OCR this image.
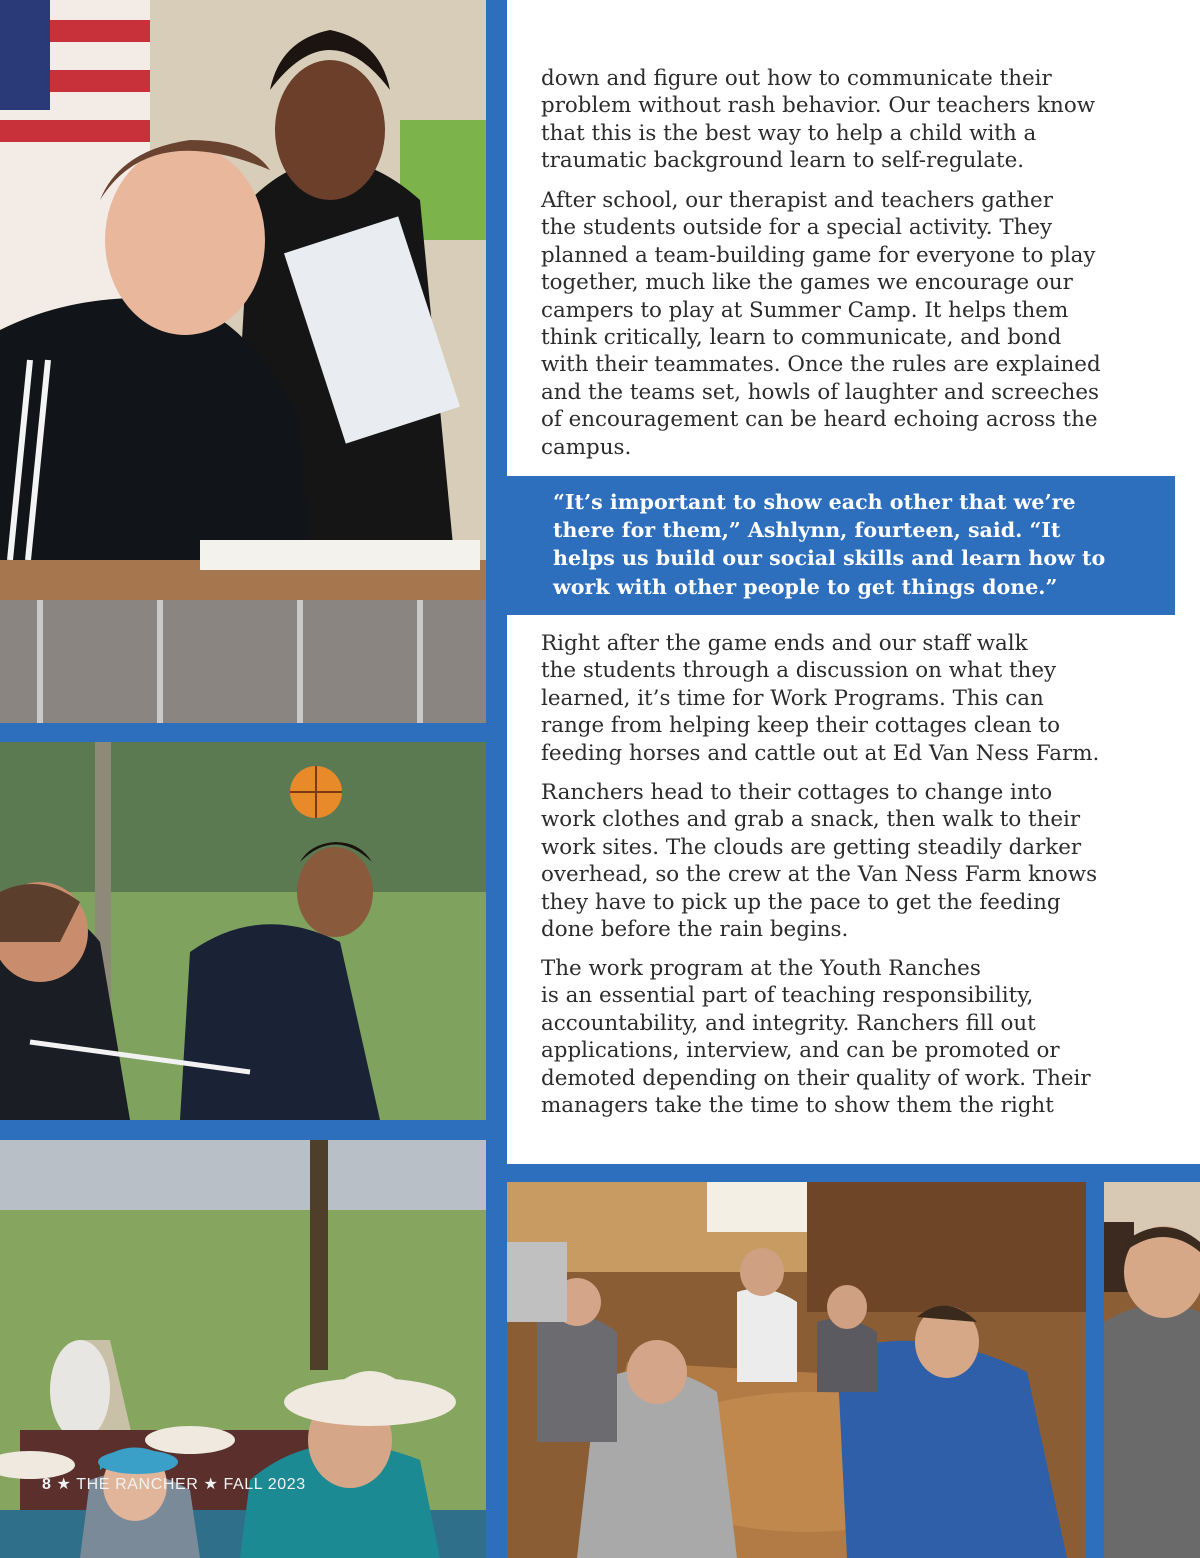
down and figure out how to communicate their
problem without rash behavior. Our teachers know
that this is the best way to help a child with a
traumatic background learn to self-regulate.

After school, our therapist and teachers gather
the students outside for a special activity. They
planned a team-building game for everyone to play
together, much like the games we encourage our
campers to play at Summer Camp. It helps them
think critically, learn to communicate, and bond
with their teammates. Once the rules are explained
and the teams set, howls of laughter and screeches
of encouragement can be heard echoing across the
campus.

Right after the game ends and our staff walk
the students through a discussion on what they
learned, it’s time for Work Programs. This can
range from helping keep their cottages clean to
feeding horses and cattle out at Ed Van Ness Farm.

Ranchers head to their cottages to change into
work clothes and grab a snack, then walk to their
work sites. The clouds are getting steadily darker
overhead, so the crew at the Van Ness Farm knows
they have to pick up the pace to get the feeding
done before the rain begins.

The work program at the Youth Ranches
is an essential part of teaching responsibility,
accountability, and integrity. Ranchers fill out
applications, interview, and can be promoted or
demoted depending on their quality of work. Their
managers take the time to show them the right

“It’s important to show each other that we’re
there for them,” Ashlynn, fourteen, said. “It
helps us build our social skills and learn how to
work with other people to get things done.”

8 ★ THE RANCHER ★ FALL 2023
